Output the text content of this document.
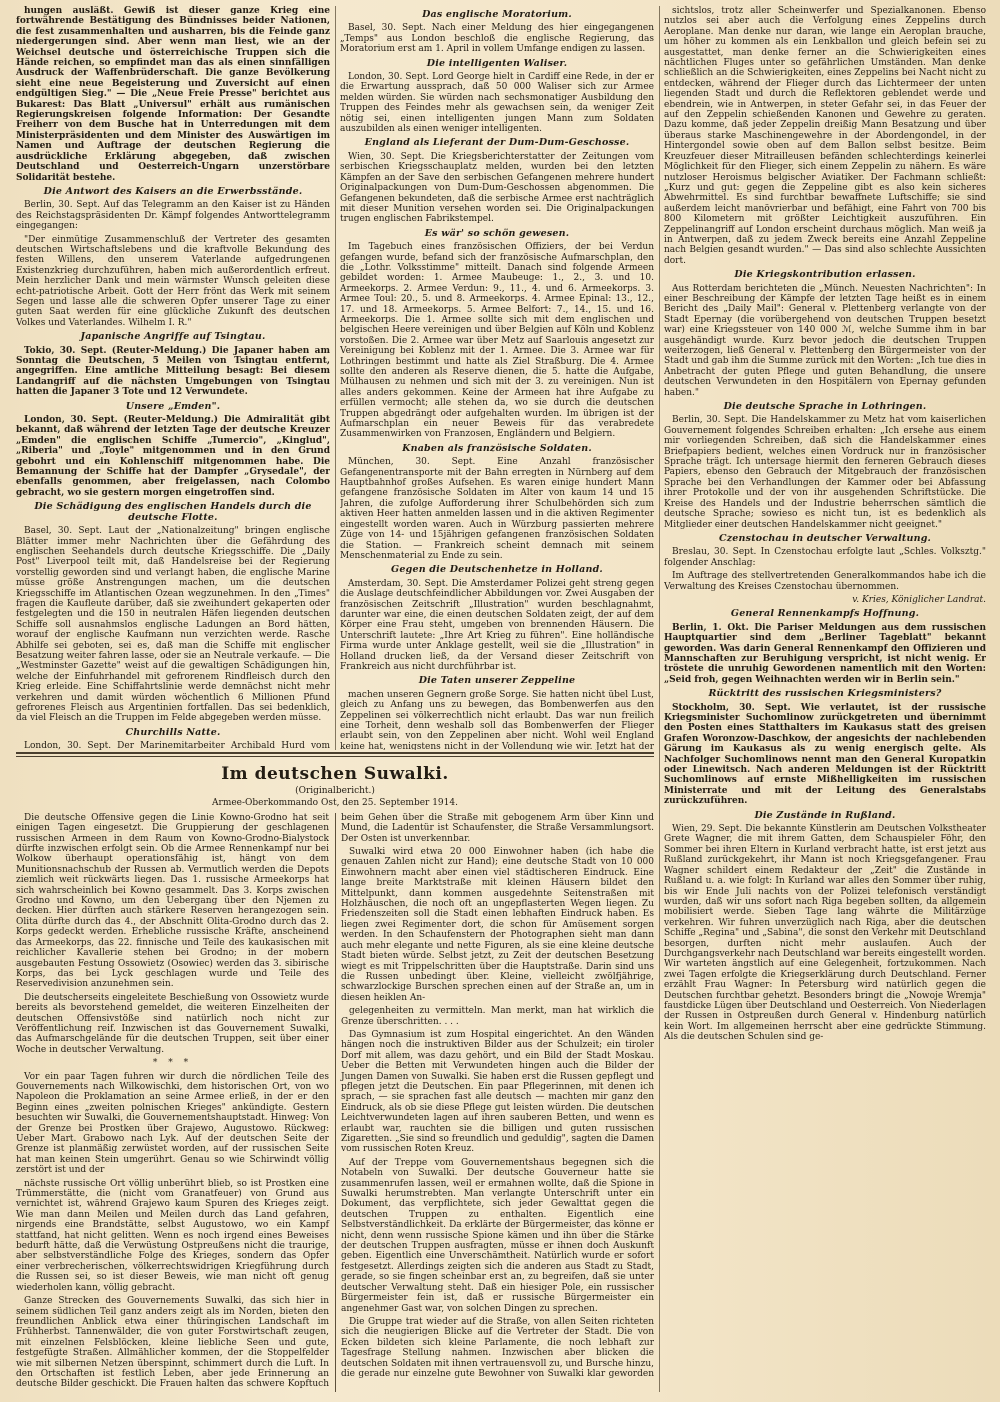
hungen ausläßt. Gewiß ist dieser ganze Krieg eine fortwährende Bestätigung des Bündnisses beider Nationen, die fest zusammenhalten und ausharren, bis die Feinde ganz niedergerungen sind. Aber wenn man liest, wie an der Weichsel deutsche und österreichische Truppen sich die Hände reichen, so empfindet man das als einen sinnfälligen Ausdruck der Waffenbrüderschaft. Die ganze Bevölkerung sieht eine neue Begeisterung und Zuversicht auf einen endgültigen Sieg." — Die „Neue Freie Presse" berichtet aus Bukarest: Das Blatt „Universul" erhält aus rumänischen Regierungskreisen folgende Information: Der Gesandte Freiherr von dem Busche hat in Unterredungen mit dem Ministerpräsidenten und dem Minister des Auswärtigen im Namen und Auftrage der deutschen Regierung die ausdrückliche Erklärung abgegeben, daß zwischen Deutschland und Oesterreich-Ungarn unzerstörbare Solidarität bestehe.

Die Antwort des Kaisers an die Erwerbsstände.

Berlin, 30. Sept. Auf das Telegramm an den Kaiser ist zu Händen des Reichstagspräsidenten Dr. Kämpf folgendes Antworttelegramm eingegangen:

"Der einmütige Zusammenschluß der Vertreter des gesamten deutschen Wirtschaftslebens und die kraftvolle Bekundung des festen Willens, den unserem Vaterlande aufgedrungenen Existenzkrieg durchzuführen, haben mich außerordentlich erfreut. Mein herzlicher Dank und mein wärmster Wunsch geleiten diese echt-patriotische Arbeit. Gott der Herr frönt das Werk mit seinem Segen und lasse alle die schweren Opfer unserer Tage zu einer guten Saat werden für eine glückliche Zukunft des deutschen Volkes und Vaterlandes. Wilhelm I. R."

Japanische Angriffe auf Tsingtau.

Tokio, 30. Sept. (Reuter-Meldung.) Die Japaner haben am Sonntag die Deutschen, 5 Meilen von Tsingtau entfernt, angegriffen. Eine amtliche Mitteilung besagt: Bei diesem Landangriff auf die nächsten Umgebungen von Tsingtau hatten die Japaner 3 Tote und 12 Verwundete.

Unsere „Emden".

London, 30. Sept. (Reuter-Meldung.) Die Admiralität gibt bekannt, daß während der letzten Tage der deutsche Kreuzer „Emden" die englischen Schiffe „Tumercio", „Kinglud", „Riberia" und „Toyle" mitgenommen und in den Grund gebohrt und ein Kohlenschiff mitgenommen habe. Die Bemannung der Schiffe hat der Dampfer „Grysedale", der ebenfalls genommen, aber freigelassen, nach Colombo gebracht, wo sie gestern morgen eingetroffen sind.

Die Schädigung des englischen Handels durch die deutsche Flotte.

Basel, 30. Sept. Laut der „Nationalzeitung" bringen englische Blätter immer mehr Nachrichten über die Gefährdung des englischen Seehandels durch deutsche Kriegsschiffe. Die „Daily Post" Liverpool teilt mit, daß Handelsreise bei der Regierung vorstellig geworden sind und verlangt haben, die englische Marine müsse größe Anstrengungen machen, um die deutschen Kriegsschiffe im Atlantischen Ozean wegzunehmen. In den „Times" fragen die Kaufleute darüber, daß sie zweihundert gekaperten oder festgelegten und die 150 in neutralen Häfen liegenden deutschen Schiffe soll ausnahmslos englische Ladungen an Bord hätten, worauf der englische Kaufmann nun verzichten werde. Rasche Abhilfe sei geboten, sei es, daß man die Schiffe mit englischer Besatzung weiter fahren lasse, oder sie an Neutrale verkaufe. — Die „Westminster Gazette" weist auf die gewaltigen Schädigungen hin, welche der Einfuhrhandel mit gefrorenem Rindfleisch durch den Krieg erleide. Eine Schiffahrtslinie werde demnächst nicht mehr verkehren und damit würden wöchentlich 6 Millionen Pfund gefrorenes Fleisch aus Argentinien fortfallen. Das sei bedenklich, da viel Fleisch an die Truppen im Felde abgegeben werden müsse.

Churchills Natte.

London, 30. Sept. Der Marinemitarbeiter Archibald Hurd vom

Das englische Moratorium.

Basel, 30. Sept. Nach einer Meldung des hier eingegangenen „Temps" aus London beschloß die englische Regierung, das Moratorium erst am 1. April in vollem Umfange endigen zu lassen.

Die intelligenten Waliser.

London, 30. Sept. Lord George hielt in Cardiff eine Rede, in der er die Erwartung aussprach, daß 50 000 Waliser sich zur Armee melden würden. Sie würden nach sechsmonatiger Ausbildung den Truppen des Feindes mehr als gewachsen sein, da weniger Zeit nötig sei, einen intelligenten jungen Mann zum Soldaten auszubilden als einen weniger intelligenten.

England als Lieferant der Dum-Dum-Geschosse.

Wien, 30. Sept. Die Kriegsberichterstatter der Zeitungen vom serbischen Kriegsschauplatz melden, wurden bei den letzten Kämpfen an der Save den serbischen Gefangenen mehrere hundert Originalpackungen von Dum-Dum-Geschossen abgenommen. Die Gefangenen bekundeten, daß die serbische Armee erst nachträglich mit dieser Munition versehen worden sei. Die Originalpackungen trugen englischen Fabrikstempel.

Es wär' so schön gewesen.

Im Tagebuch eines französischen Offiziers, der bei Verdun gefangen wurde, befand sich der französische Aufmarschplan, den die „Lothr. Volksstimme" mitteilt. Danach sind folgende Armeen gebildet worden: 1. Armee Maubeuge: 1., 2., 3. und 10. Armeekorps. 2. Armee Verdun: 9., 11., 4. und 6. Armeekorps. 3. Armee Toul: 20., 5. und 8. Armeekorps. 4. Armee Epinal: 13., 12., 17. und 18. Armeekorps. 5. Armee Belfort: 7., 14., 15. und 16. Armeekorps. Die 1. Armee sollte sich mit dem englischen und belgischen Heere vereinigen und über Belgien auf Köln und Koblenz vorstoßen. Die 2. Armee war über Metz auf Saarlouis angesetzt zur Vereinigung bei Koblenz mit der 1. Armee. Die 3. Armee war für Lothringen bestimmt und hatte als Ziel Straßburg. Die 4. Armee sollte den anderen als Reserve dienen, die 5. hatte die Aufgabe, Mülhausen zu nehmen und sich mit der 3. zu vereinigen. Nun ist alles anders gekommen. Keine der Armeen hat ihre Aufgabe zu erfüllen vermocht; alle stehen da, wo sie durch die deutschen Truppen abgedrängt oder aufgehalten wurden. Im übrigen ist der Aufmarschplan ein neuer Beweis für das verabredete Zusammenwirken von Franzosen, Engländern und Belgiern.

Knaben als französische Soldaten.

München, 30. Sept. Eine Anzahl französischer Gefangenentransporte mit der Bahn erregten in Nürnberg auf dem Hauptbahnhof großes Aufsehen. Es waren einige hundert Mann gefangene französische Soldaten im Alter von kaum 14 und 15 Jahren, die zufolge Aufforderung ihrer Schulbehörden sich zum aktiven Heer hatten anmelden lassen und in die aktiven Regimenter eingestellt worden waren. Auch in Würzburg passierten mehrere Züge von 14- und 15jährigen gefangenen französischen Soldaten die Station. — Frankreich scheint demnach mit seinem Menschenmaterial zu Ende zu sein.

Gegen die Deutschenhetze in Holland.

Amsterdam, 30. Sept. Die Amsterdamer Polizei geht streng gegen die Auslage deutschfeindlicher Abbildungen vor. Zwei Ausgaben der französischen Zeitschrift „Illustration" wurden beschlagnahmt, darunter war eine, die einen deutschen Soldaten zeigt, der auf dem Körper eine Frau steht, umgeben von brennenden Häusern. Die Unterschrift lautete: „Ihre Art Krieg zu führen". Eine holländische Firma wurde unter Anklage gestellt, weil sie die „Illustration" in Holland drucken ließ, da der Versand dieser Zeitschrift von Frankreich aus nicht durchführbar ist.

Die Taten unserer Zeppeline

machen unseren Gegnern große Sorge. Sie hatten nicht übel Lust, gleich zu Anfang uns zu bewegen, das Bombenwerfen aus den Zeppelinen sei völkerrechtlich nicht erlaubt. Das war nun freilich eine Torheit, denn weshalb soll das Bombenwerfen der Flieger erlaubt sein, von den Zeppelinen aber nicht. Wohl weil England keine hat, wenigstens nicht in der Vollendung wie wir. Jetzt hat der

sichtslos, trotz aller Scheinwerfer und Spezialkanonen. Ebenso nutzlos sei aber auch die Verfolgung eines Zeppelins durch Aeroplane. Man denke nur daran, wie lange ein Aeroplan brauche, um höher zu kommen als ein Lenkballon und gleich befein sei zu ausgestattet, man denke ferner an die Schwierigkeiten eines nächtlichen Fluges unter so gefährlichen Umständen. Man denke schließlich an die Schwierigkeiten, eines Zeppelins bei Nacht nicht zu entdecken, während der Flieger durch das Lichtermeer der unten liegenden Stadt und durch die Reflektoren geblendet werde und ebendrein, wie in Antwerpen, in steter Gefahr sei, in das Feuer der auf den Zeppelin schießenden Kanonen und Gewehre zu geraten. Dazu komme, daß jeder Zeppelin dreißig Mann Besatzung und über überaus starke Maschinengewehre in der Abordengondel, in der Hintergondel sowie oben auf dem Ballon selbst besitze. Beim Kreuzfeuer dieser Mitrailleusen befänden schlechterdings keinerlei Möglichkeit für den Flieger, sich einem Zeppelin zu nähern. Es wäre nutzloser Heroismus belgischer Aviatiker. Der Fachmann schließt: „Kurz und gut: gegen die Zeppeline gibt es also kein sicheres Abwehrmittel. Es sind furchtbar bewaffnete Luftschiffe; sie sind außerdem leicht manövrierbar und befähigt, eine Fahrt von 700 bis 800 Kilometern mit größter Leichtigkeit auszuführen. Ein Zeppelinangriff auf London erscheint durchaus möglich. Man weiß ja in Antwerpen, daß zu jedem Zweck bereits eine Anzahl Zeppeline nach Belgien gesandt wurden." — Das sind also schlechte Aussichten dort.

Die Kriegskontribution erlassen.

Aus Rotterdam berichteten die „Münch. Neuesten Nachrichten": In einer Beschreibung der Kämpfe der letzten Tage heißt es in einem Bericht des „Daily Mail": General v. Plettenberg verlangte von der Stadt Epernay (die vorübergehend von deutschen Truppen besetzt war) eine Kriegssteuer von 140 000 ℳ, welche Summe ihm in bar ausgehändigt wurde. Kurz bevor jedoch die deutschen Truppen weiterzogen, ließ General v. Plettenberg den Bürgermeister von der Stadt und gab ihm die Summe zurück mit den Worten: „Ich tue dies in Anbetracht der guten Pflege und guten Behandlung, die unsere deutschen Verwundeten in den Hospitälern von Epernay gefunden haben."

Die deutsche Sprache in Lothringen.

Berlin, 30. Sept. Die Handelskammer zu Metz hat vom kaiserlichen Gouvernement folgendes Schreiben erhalten: „Ich ersehe aus einem mir vorliegenden Schreiben, daß sich die Handelskammer eines Briefpapiers bedient, welches einen Vordruck nur in französischer Sprache trägt. Ich untersage hiermit den ferneren Gebrauch dieses Papiers, ebenso den Gebrauch der Mitgebrauch der französischen Sprache bei den Verhandlungen der Kammer oder bei Abfassung ihrer Protokolle und der von ihr ausgehenden Schriftstücke. Die Kreise des Handels und der Industrie beherrschen sämtlich die deutsche Sprache; sowieso es nicht tun, ist es bedenklich als Mitglieder einer deutschen Handelskammer nicht geeignet."

Czenstochau in deutscher Verwaltung.

Breslau, 30. Sept. In Czenstochau erfolgte laut „Schles. Volksztg." folgender Anschlag:

Im Auftrage des stellvertretenden Generalkommandos habe ich die Verwaltung des Kreises Czenstochau übernommen.

v. Kries, Königlicher Landrat.
General Rennenkampfs Hoffnung.

Berlin, 1. Okt. Die Pariser Meldungen aus dem russischen Hauptquartier sind dem „Berliner Tageblatt" bekannt geworden. Was darin General Rennenkampf den Offizieren und Mannschaften zur Beruhigung verspricht, ist nicht wenig. Er tröstete die unruhig Gewordenen namentlich mit den Worten: „Seid froh, gegen Weihnachten werden wir in Berlin sein."

Rücktritt des russischen Kriegsministers?

Stockholm, 30. Sept. Wie verlautet, ist der russische Kriegsminister Suchomlinow zurückgetreten und übernimmt den Posten eines Statthalters im Kaukasus statt des greisen Grafen Woronzow-Daschkow, der angesichts der nachlebenden Gärung im Kaukasus als zu wenig energisch gelte. Als Nachfolger Suchomlinows nennt man den General Kuropatkin oder Linewitsch. Nach anderen Meldungen ist der Rücktritt Suchomlinows auf ernste Mißhelligkeiten im russischen Ministerrate und mit der Leitung des Generalstabs zurückzuführen.

Die Zustände in Rußland.

Wien, 29. Sept. Die bekannte Künstlerin am Deutschen Volkstheater Grete Wagner, die mit ihrem Gatten, dem Schauspieler Föhr, den Sommer bei ihren Eltern in Kurland verbracht hatte, ist erst jetzt aus Rußland zurückgekehrt, ihr Mann ist noch Kriegsgefangener. Frau Wagner schildert einem Redakteur der „Zeit" die Zustände in Rußland u. a. wie folgt: In Kurland war alles den Sommer über ruhig, bis wir Ende Juli nachts von der Polizei telefonisch verständigt wurden, daß wir uns sofort nach Riga begeben sollten, da allgemein mobilisiert werde. Sieben Tage lang währte die Militärzüge verkehren. Wir fuhren unverzüglich nach Riga, aber die deutschen Schiffe „Regina" und „Sabina", die sonst den Verkehr mit Deutschland besorgen, durften nicht mehr auslaufen. Auch der Durchgangsverkehr nach Deutschland war bereits eingestellt worden. Wir warteten ängstlich auf eine Gelegenheit, fortzukommen. Nach zwei Tagen erfolgte die Kriegserklärung durch Deutschland. Ferner erzählt Frau Wagner: In Petersburg wird natürlich gegen die Deutschen furchtbar gehetzt. Besonders bringt die „Nowoje Wremja" faustdicke Lügen über Deutschland und Oesterreich. Von Niederlagen der Russen in Ostpreußen durch General v. Hindenburg natürlich kein Wort. Im allgemeinen herrscht aber eine gedrückte Stimmung. Als die deutschen Schulen sind ge-

Im deutschen Suwalki.
(Originalbericht.)
Armee-Oberkommando Ost, den 25. September 1914.

Die deutsche Offensive gegen die Linie Kowno-Grodno hat seit einigen Tagen eingesetzt. Die Gruppierung der geschlagenen russischen Armeen in dem Raum von Kowno-Grodno-Bialystock dürfte inzwischen erfolgt sein. Ob die Armee Rennenkampf nur bei Wolkow überhaupt operationsfähig ist, hängt von dem Munitionsnachschub der Russen ab. Vermutlich werden die Depots ziemlich weit rückwärts liegen. Das 1. russische Armeekorps hat sich wahrscheinlich bei Kowno gesammelt. Das 3. Korps zwischen Grodno und Kowno, um den Uebergang über den Njemen zu decken. Hier dürften auch stärkere Reserven herangezogen sein. Olita dürfte durch das 4., der Abschnitt Olita-Grodno durch das 2. Korps gedeckt werden. Erhebliche russische Kräfte, anscheinend das Armeekorps, das 22. finnische und Teile des kaukasischen mit reichlicher Kavallerie stehen bei Grodno; in der mobern ausgebauten Festung Ossowietz (Osowiec) werden das 3. sibirische Korps, das bei Lyck geschlagen wurde und Teile des Reservedivision anzunehmen sein.

Die deutscherseits eingeleitete Beschießung von Ossowietz wurde bereits als bevorstehend gemeldet, die weiteren Einzelheiten der deutschen Offensivstöße sind natürlich noch nicht zur Veröffentlichung reif. Inzwischen ist das Gouvernement Suwalki, das Aufmarschgelände für die deutschen Truppen, seit über einer Woche in deutscher Verwaltung.

* * *

Vor ein paar Tagen fuhren wir durch die nördlichen Teile des Gouvernements nach Wilkowischki, dem historischen Ort, von wo Napoleon die Proklamation an seine Armee erließ, in der er den Beginn eines „zweiten polnischen Krieges" ankündigte. Gestern besuchten wir Suwalki, die Gouvernementshauptstadt. Hinweg: Von der Grenze bei Prostken über Grajewo, Augustowo. Rückweg: Ueber Mart. Grabowo nach Lyk. Auf der deutschen Seite der Grenze ist planmäßig zerwüstet worden, auf der russischen Seite hat man keinen Stein umgerührt. Genau so wie Schirwindt völlig zerstört ist und der

nächste russische Ort völlig unberührt blieb, so ist Prostken eine Trümmerstätte, die (nicht vom Granatfeuer) von Grund aus vernichtet ist, während Grajewo kaum Spuren des Krieges zeigt. Wie man dann Meilen und Meilen durch das Land gefahren, nirgends eine Brandstätte, selbst Augustowo, wo ein Kampf stattfand, hat nicht gelitten. Wenn es noch irgend eines Beweises bedurft hätte, daß die Verwüstung Ostpreußens nicht die traurige, aber selbstverständliche Folge des Krieges, sondern das Opfer einer verbrecherischen, völkerrechtswidrigen Kriegführung durch die Russen sei, so ist dieser Beweis, wie man nicht oft genug wiederholen kann, völlig gebracht.

Ganze Strecken des Gouvernements Suwalki, das sich hier in seinem südlichen Teil ganz anders zeigt als im Norden, bieten den freundlichen Anblick etwa einer thüringischen Landschaft im Frühherbst. Tannenwälder, die von guter Forstwirtschaft zeugen, mit einzelnen Felsblöcken, kleine liebliche Seen und gute, festgefügte Straßen. Allmählicher kommen, der die Stoppelfelder wie mit silbernen Netzen überspinnt, schimmert durch die Luft. In den Ortschaften ist festlich Leben, aber jede Erinnerung an deutsche Bilder geschickt. Die Frauen halten das schwere Kopftuch beim Gehen über die Straße mit gebogenem Arm über Kinn und Mund, die Ladentür ist Schaufenster, die Straße Versammlungsort. Der Osten ist unverkennbar.

Suwalki wird etwa 20 000 Einwohner haben (ich habe die genauen Zahlen nicht zur Hand); eine deutsche Stadt von 10 000 Einwohnern macht aber einen viel städtischeren Eindruck. Eine lange breite Marktstraße mit kleinen Häusern bildet den Mittelpunkt, dann kommen ausgedehnte Seitenstraßen mit Holzhäuschen, die noch oft an ungepflasterten Wegen liegen. Zu Friedenszeiten soll die Stadt einen lebhaften Eindruck haben. Es liegen zwei Regimenter dort, die schon für Amüsement sorgen werden. In den Schaufenstern der Photographen sieht man dann auch mehr elegante und nette Figuren, als sie eine kleine deutsche Stadt bieten würde. Selbst jetzt, zu Zeit der deutschen Besetzung wiegt es mit Trippelschritten über die Hauptstraße. Darin sind uns die Russen unbedingt über. Kleine, vielleicht zwölfjährige, schwarzlockige Burschen sprechen einen auf der Straße an, um in diesen heiklen An-

gelegenheiten zu vermitteln. Man merkt, man hat wirklich die Grenze überschritten. . . .

Das Gymnasium ist zum Hospital eingerichtet. An den Wänden hängen noch die instruktiven Bilder aus der Schulzeit; ein tiroler Dorf mit allem, was dazu gehört, und ein Bild der Stadt Moskau. Ueber die Betten mit Verwundeten hingen auch die Bilder der Jungen Damen von Suwalki. Sie haben erst die Russen gepflegt und pflegen jetzt die Deutschen. Ein paar Pflegerinnen, mit denen ich sprach, — sie sprachen fast alle deutsch — machten mir ganz den Eindruck, als ob sie diese Pflege gut leisten würden. Die deutschen Leichtverwundeten lagen auf ihren sauberen Betten, und wenn es erlaubt war, rauchten sie die billigen und guten russischen Zigaretten. „Sie sind so freundlich und geduldig", sagten die Damen vom russischen Roten Kreuz.

Auf der Treppe vom Gouvernementshaus begegnen sich die Notabeln von Suwalki. Der deutsche Gouverneur hatte sie zusammenrufen lassen, weil er ermahnen wollte, daß die Spione in Suwalki herumstrebten. Man verlangte Unterschrift unter ein Dokument, das verpflichtete, sich jeder Gewalttat gegen die deutschen Truppen zu enthalten. Eigentlich eine Selbstverständlichkeit. Da erklärte der Bürgermeister, das könne er nicht, denn wenn russische Spione kämen und ihn über die Stärke der deutschen Truppen ausfragten, müsse er ihnen doch Auskunft geben. Eigentlich eine Unverschämtheit. Natürlich wurde er sofort festgesetzt. Allerdings zeigten sich die anderen aus Stadt zu Stadt, gerade, so sie fingen scheinbar erst an, zu begreifen, daß sie unter deutscher Verwaltung steht. Daß ein hiesiger Pole, ein russischer Bürgermeister fein ist, daß er russische Bürgermeister ein angenehmer Gast war, von solchen Dingen zu sprechen.

Die Gruppe trat wieder auf die Straße, von allen Seiten richteten sich die neugierigen Blicke auf die Vertreter der Stadt. Die von Ecken bildeten sich kleine Parlamente, die noch lebhaft zur Tagesfrage Stellung nahmen. Inzwischen aber blicken die deutschen Soldaten mit ihnen vertrauensvoll zu, und Bursche hinzu, die gerade nur einzelne gute Bewohner von Suwalki klar geworden
